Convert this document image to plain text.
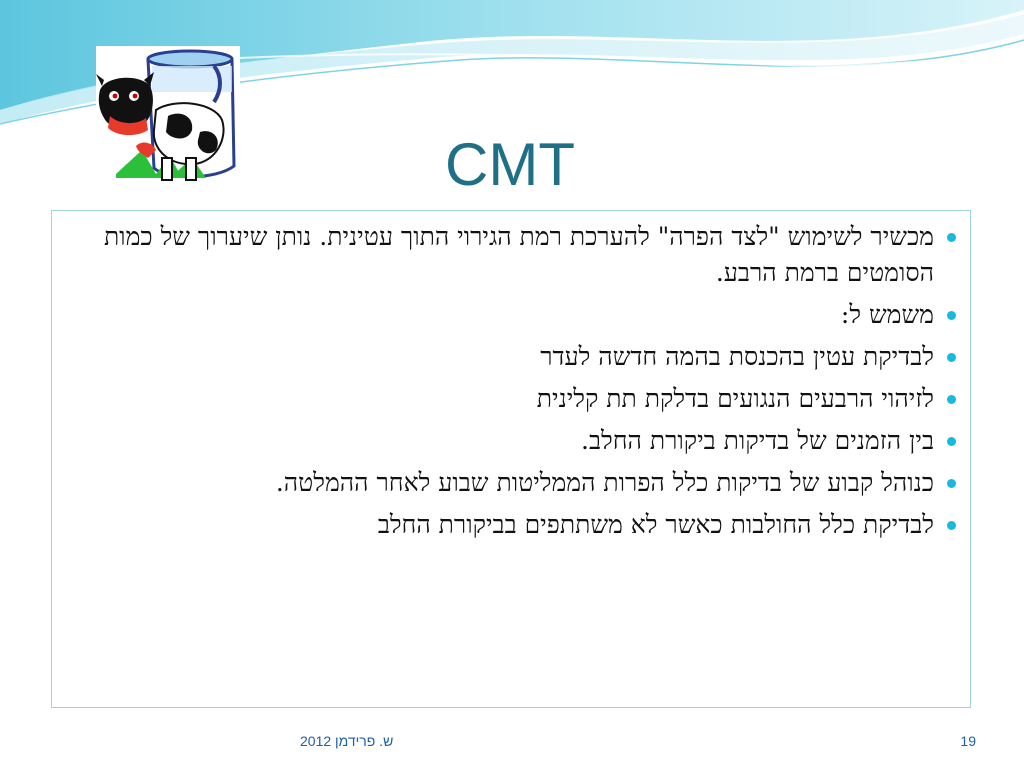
CMT
מכשיר לשימוש "לצד הפרה" להערכת רמת הגירוי התוך עטינית. נותן שיערוך של כמות הסומטים ברמת הרבע.
משמש ל:
לבדיקת עטין בהכנסת בהמה חדשה לעדר
לזיהוי הרבעים הנגועים בדלקת תת קלינית
בין הזמנים של בדיקות ביקורת החלב.
כנוהל קבוע של בדיקות כלל הפרות הממליטות שבוע לאחר ההמלטה.
לבדיקת כלל החולבות כאשר לא משתתפים בביקורת החלב
ש. פרידמן 2012	19
